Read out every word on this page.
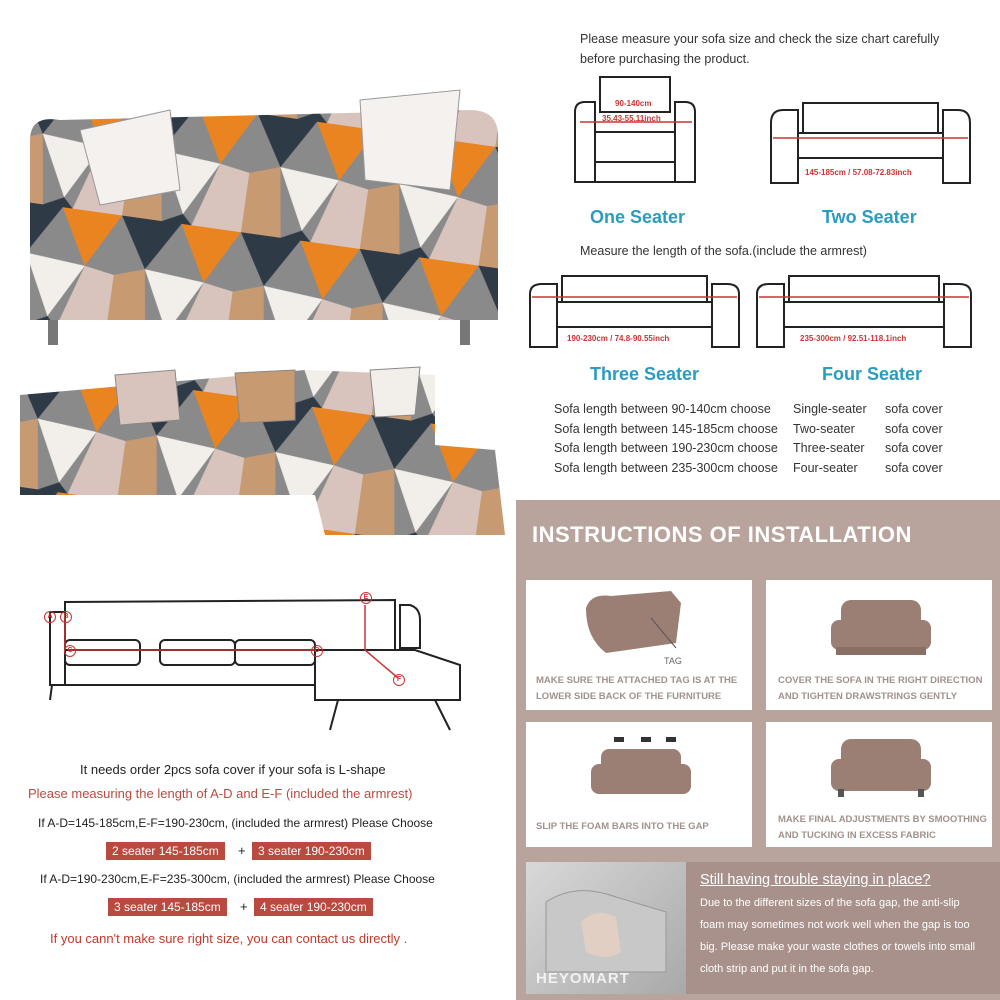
Please measure your sofa size and check the size chart carefully
before purchasing the product.
90-140cm
35.43-55.11inch
One Seater
145-185cm / 57.08-72.83inch
Two Seater
Measure the length of the sofa.(include the armrest)
190-230cm / 74.8-90.55inch
Three Seater
235-300cm / 92.51-118.1inch
Four Seater
Sofa length between 90-140cm choose Single-seater sofa cover
Sofa length between 145-185cm choose Two-seater sofa cover
Sofa length between 190-230cm choose Three-seater sofa cover
Sofa length between 235-300cm choose Four-seater sofa cover
A	B
C	D
E
F
It needs order 2pcs sofa cover if your sofa is L-shape
Please measuring the length of A-D and E-F (included the armrest)
If A-D=145-185cm,E-F=190-230cm, (included the armrest) Please Choose
2 seater 145-185cm	+	3 seater 190-230cm
If A-D=190-230cm,E-F=235-300cm, (included the armrest) Please Choose
3 seater 145-185cm	+	4 seater 190-230cm
If you cann't make sure right size, you can contact us directly .
INSTRUCTIONS OF INSTALLATION
TAG
MAKE SURE THE ATTACHED TAG IS AT THE
LOWER SIDE BACK OF THE FURNITURE
COVER THE SOFA IN THE RIGHT DIRECTION
AND TIGHTEN DRAWSTRINGS GENTLY
SLIP THE FOAM BARS INTO THE GAP
MAKE FINAL ADJUSTMENTS BY SMOOTHING
AND TUCKING IN EXCESS FABRIC
HEYOMART
Still having trouble staying in place?
Due to the different sizes of the sofa gap, the anti-slip
foam may sometimes not work well when the gap is too
big. Please make your waste clothes or towels into small
cloth strip and put it in the sofa gap.
